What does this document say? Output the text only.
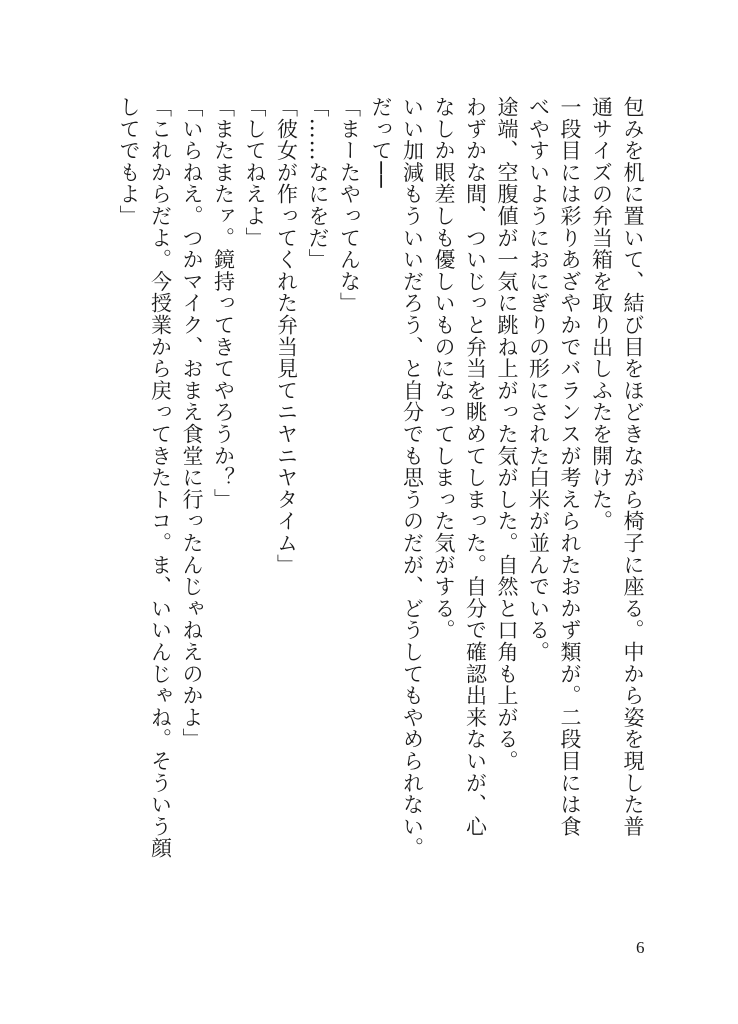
包みを机に置いて、結び目をほどきながら椅子に座る。中から姿を現した普
通サイズの弁当箱を取り出しふたを開けた。
一段目には彩りあざやかでバランスが考えられたおかず類が。二段目には食
べやすいようにおにぎりの形にされた白米が並んでいる。
途端、空腹値が一気に跳ね上がった気がした。自然と口角も上がる。
わずかな間、ついじっと弁当を眺めてしまった。自分で確認出来ないが、心
なしか眼差しも優しいものになってしまった気がする。
いい加減もういいだろう、と自分でも思うのだが、どうしてもやめられない。
だって──
「まーたやってんな」
「……なにをだ」
「彼女が作ってくれた弁当見てニヤニヤタイム」
「してねえよ」
「またまたァ。鏡持ってきてやろうか？」
「いらねえ。つかマイク、おまえ食堂に行ったんじゃねえのかよ」
「これからだよ。今授業から戻ってきたトコ。ま、いいんじゃね。そういう顔
してでもよ」
6
